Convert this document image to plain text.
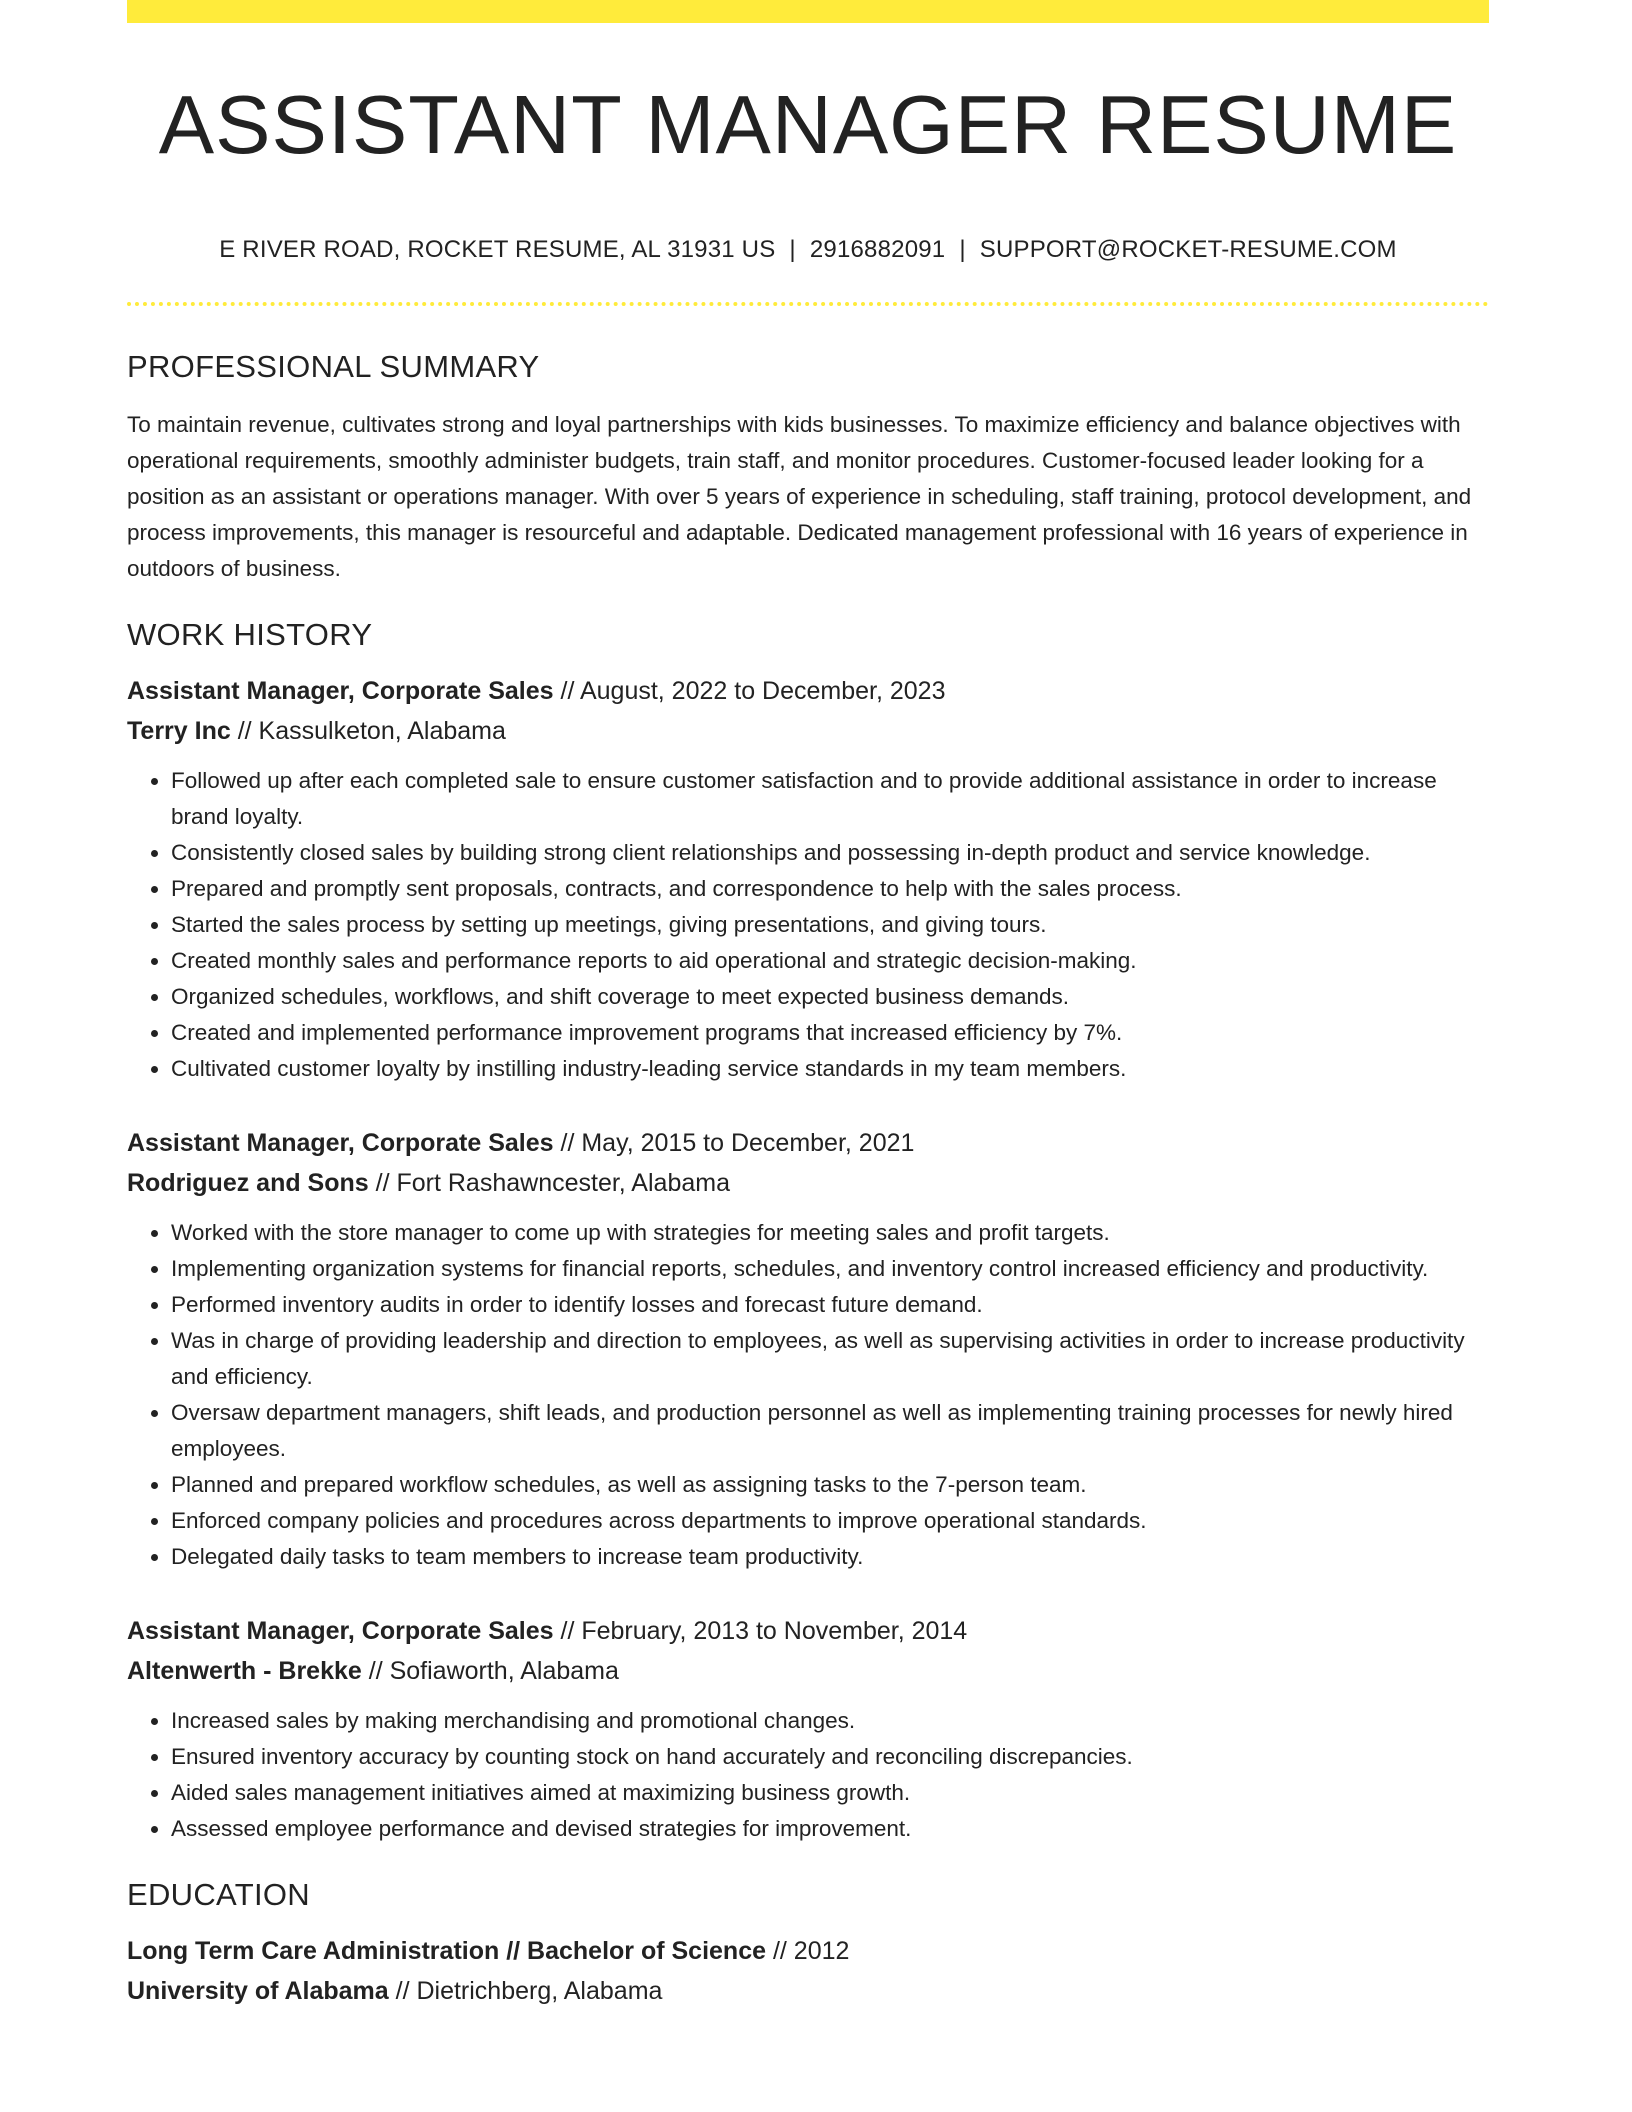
ASSISTANT MANAGER RESUME
E RIVER ROAD, ROCKET RESUME, AL 31931 US | 2916882091 | SUPPORT@ROCKET-RESUME.COM
PROFESSIONAL SUMMARY
To maintain revenue, cultivates strong and loyal partnerships with kids businesses. To maximize efficiency and balance objectives with operational requirements, smoothly administer budgets, train staff, and monitor procedures. Customer-focused leader looking for a position as an assistant or operations manager. With over 5 years of experience in scheduling, staff training, protocol development, and process improvements, this manager is resourceful and adaptable. Dedicated management professional with 16 years of experience in outdoors of business.
WORK HISTORY
Assistant Manager, Corporate Sales // August, 2022 to December, 2023
Terry Inc // Kassulketon, Alabama
• Followed up after each completed sale to ensure customer satisfaction and to provide additional assistance in order to increase brand loyalty.
• Consistently closed sales by building strong client relationships and possessing in-depth product and service knowledge.
• Prepared and promptly sent proposals, contracts, and correspondence to help with the sales process.
• Started the sales process by setting up meetings, giving presentations, and giving tours.
• Created monthly sales and performance reports to aid operational and strategic decision-making.
• Organized schedules, workflows, and shift coverage to meet expected business demands.
• Created and implemented performance improvement programs that increased efficiency by 7%.
• Cultivated customer loyalty by instilling industry-leading service standards in my team members.
Assistant Manager, Corporate Sales // May, 2015 to December, 2021
Rodriguez and Sons // Fort Rashawncester, Alabama
• Worked with the store manager to come up with strategies for meeting sales and profit targets.
• Implementing organization systems for financial reports, schedules, and inventory control increased efficiency and productivity.
• Performed inventory audits in order to identify losses and forecast future demand.
• Was in charge of providing leadership and direction to employees, as well as supervising activities in order to increase productivity and efficiency.
• Oversaw department managers, shift leads, and production personnel as well as implementing training processes for newly hired employees.
• Planned and prepared workflow schedules, as well as assigning tasks to the 7-person team.
• Enforced company policies and procedures across departments to improve operational standards.
• Delegated daily tasks to team members to increase team productivity.
Assistant Manager, Corporate Sales // February, 2013 to November, 2014
Altenwerth - Brekke // Sofiaworth, Alabama
• Increased sales by making merchandising and promotional changes.
• Ensured inventory accuracy by counting stock on hand accurately and reconciling discrepancies.
• Aided sales management initiatives aimed at maximizing business growth.
• Assessed employee performance and devised strategies for improvement.
EDUCATION
Long Term Care Administration // Bachelor of Science // 2012
University of Alabama // Dietrichberg, Alabama
